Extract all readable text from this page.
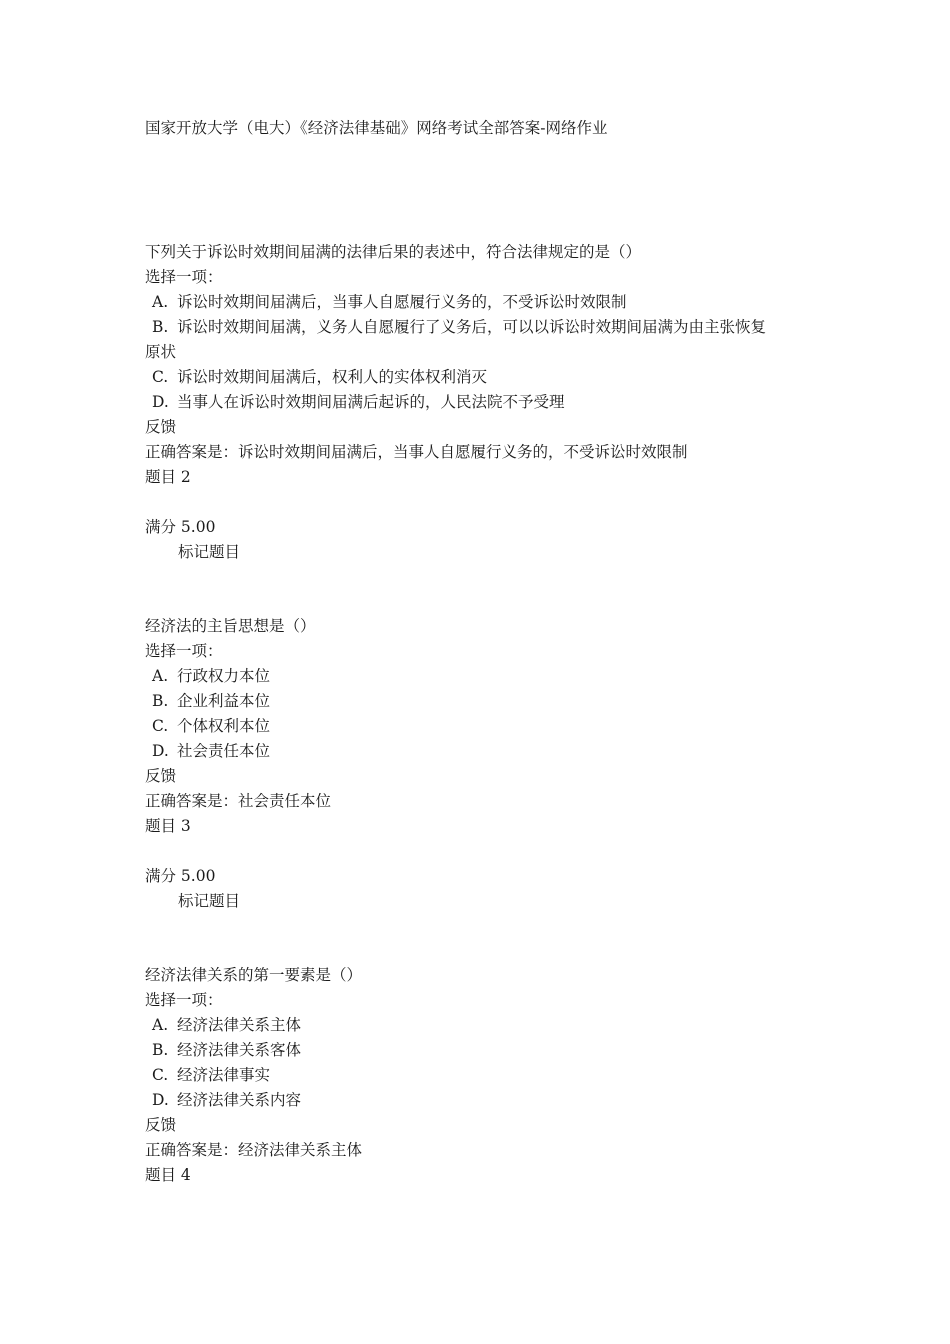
国家开放大学（电大）《经济法律基础》网络考试全部答案-网络作业
下列关于诉讼时效期间届满的法律后果的表述中，符合法律规定的是（）
选择一项：
A. 诉讼时效期间届满后，当事人自愿履行义务的，不受诉讼时效限制
B. 诉讼时效期间届满，义务人自愿履行了义务后，可以以诉讼时效期间届满为由主张恢复
原状
C. 诉讼时效期间届满后，权利人的实体权利消灭
D. 当事人在诉讼时效期间届满后起诉的，人民法院不予受理
反馈
正确答案是：诉讼时效期间届满后，当事人自愿履行义务的，不受诉讼时效限制
题目 2
满分 5.00
标记题目
经济法的主旨思想是（）
选择一项：
A. 行政权力本位
B. 企业利益本位
C. 个体权利本位
D. 社会责任本位
反馈
正确答案是：社会责任本位
题目 3
满分 5.00
标记题目
经济法律关系的第一要素是（）
选择一项：
A. 经济法律关系主体
B. 经济法律关系客体
C. 经济法律事实
D. 经济法律关系内容
反馈
正确答案是：经济法律关系主体
题目 4
